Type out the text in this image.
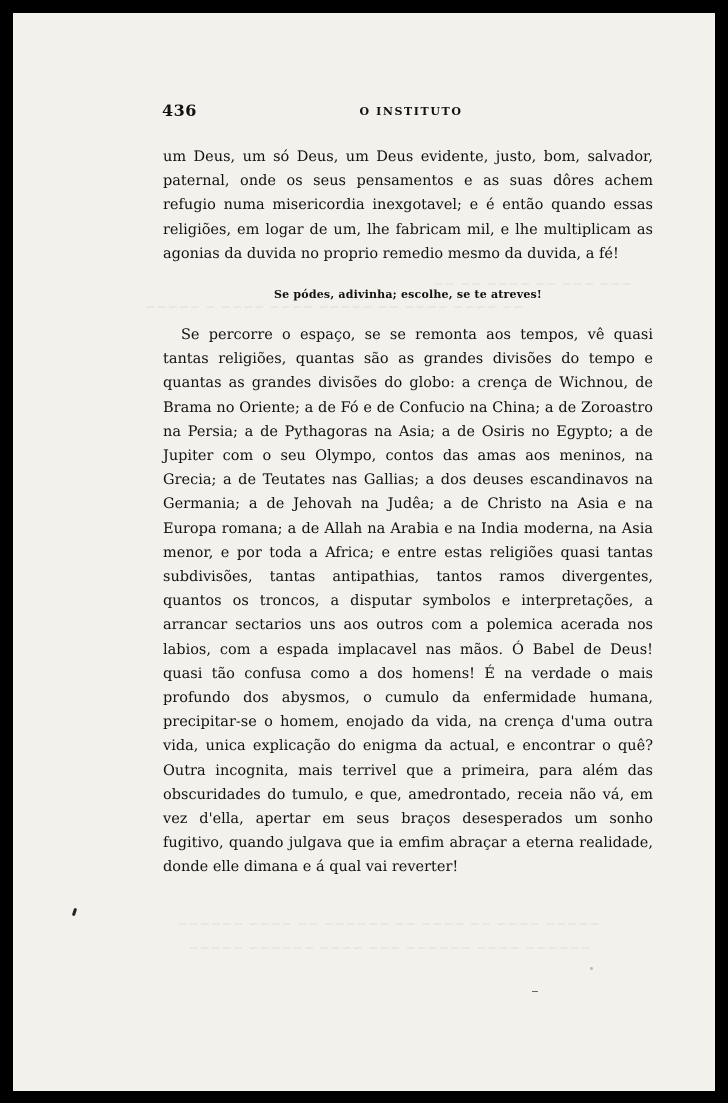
~~~ ~~~ ~~ ~~~~ ~~ ~~
~~ ~~~~ ~~~~ ~~ ~~~~~ ~~~~ ~~~~ ~ ~~~~~
~~~~~ ~~~~ ~~ ~~~~ ~~ ~~~~~~ ~~ ~~~~ ~~~~~~
~~~~~~ ~~~~ ~~~~~~ ~~~ ~~~~ ~~~~~~ ~~~~~
436	O INSTITUTO

um Deus, um só Deus, um Deus evidente, justo, bom, salvador, paternal, onde os seus pensamentos e as suas dôres achem refugio numa misericordia inexgotavel; e é então quando essas religiões, em logar de um, lhe fabricam mil, e lhe multiplicam as agonias da duvida no proprio remedio mesmo da duvida, a fé!

Se pódes, adivinha; escolhe, se te atreves!

Se percorre o espaço, se se remonta aos tempos, vê quasi tantas religiões, quantas são as grandes divisões do tempo e quantas as grandes divisões do globo: a crença de Wichnou, de Brama no Oriente; a de Fó e de Confucio na China; a de Zoroastro na Persia; a de Pythagoras na Asia; a de Osiris no Egypto; a de Jupiter com o seu Olympo, contos das amas aos meninos, na Grecia; a de Teutates nas Gallias; a dos deuses escandinavos na Germania; a de Jehovah na Judêa; a de Christo na Asia e na Europa romana; a de Allah na Arabia e na India moderna, na Asia menor, e por toda a Africa; e entre estas religiões quasi tantas subdivisões, tantas antipathias, tantos ramos divergentes, quantos os troncos, a disputar symbolos e interpretações, a arrancar sectarios uns aos outros com a polemica acerada nos labios, com a espada implacavel nas mãos. Ó Babel de Deus! quasi tão confusa como a dos homens! É na verdade o mais profundo dos abysmos, o cumulo da enfermidade humana, precipitar-se o homem, enojado da vida, na crença d'uma outra vida, unica explicação do enigma da actual, e encontrar o quê? Outra incognita, mais terrivel que a primeira, para além das obscuridades do tumulo, e que, amedrontado, receia não vá, em vez d'ella, apertar em seus braços desesperados um sonho fugitivo, quando julgava que ia emfim abraçar a eterna realidade, donde elle dimana e á qual vai reverter!
